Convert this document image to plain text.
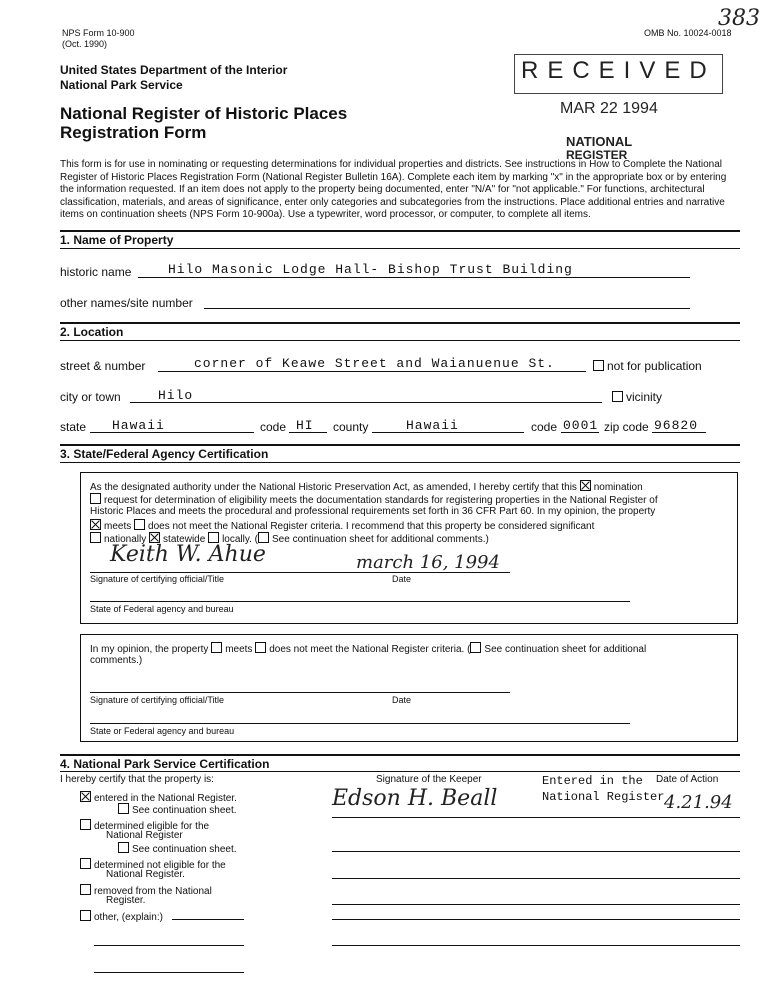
NPS Form 10-900
(Oct. 1990)
OMB No. 10024-0018
383
United States Department of the Interior
National Park Service
National Register of Historic Places
Registration Form
RECEIVED
MAR 22 1994
NATIONAL
REGISTER
This form is for use in nominating or requesting determinations for individual properties and districts. See instructions in How to Complete the National Register of Historic Places Registration Form (National Register Bulletin 16A). Complete each item by marking "x" in the appropriate box or by entering the information requested. If an item does not apply to the property being documented, enter "N/A" for "not applicable." For functions, architectural classification, materials, and areas of significance, enter only categories and subcategories from the instructions. Place additional entries and narrative items on continuation sheets (NPS Form 10-900a). Use a typewriter, word processor, or computer, to complete all items.
1. Name of Property
historic name	Hilo Masonic Lodge Hall- Bishop Trust Building
other names/site number
2. Location
street & number	corner of Keawe Street and Waianuenue St.	not for publication
city or town	Hilo	vicinity
state Hawaii	code HI county	Hawaii	code 0001 zip code 96820
3. State/Federal Agency Certification
As the designated authority under the National Historic Preservation Act, as amended, I hereby certify that this nomination
request for determination of eligibility meets the documentation standards for registering properties in the National Register of
Historic Places and meets the procedural and professional requirements set forth in 36 CFR Part 60. In my opinion, the property
meets does not meet the National Register criteria. I recommend that this property be considered significant
nationally statewide locally. ( See continuation sheet for additional comments.)
Keith W. Ahue	march 16, 1994
Signature of certifying official/Title	Date
State of Federal agency and bureau
In my opinion, the property meets does not meet the National Register criteria. ( See continuation sheet for additional
comments.)
Signature of certifying official/Title	Date
State or Federal agency and bureau
4. National Park Service Certification
I hereby certify that the property is:	Signature of the Keeper	Date of Action
Entered in the
National Register
Edson H. Beall	4.21.94
entered in the National Register.
See continuation sheet.
determined eligible for the
National Register
See continuation sheet.
determined not eligible for the
National Register.
removed from the National
Register.
other, (explain:)
